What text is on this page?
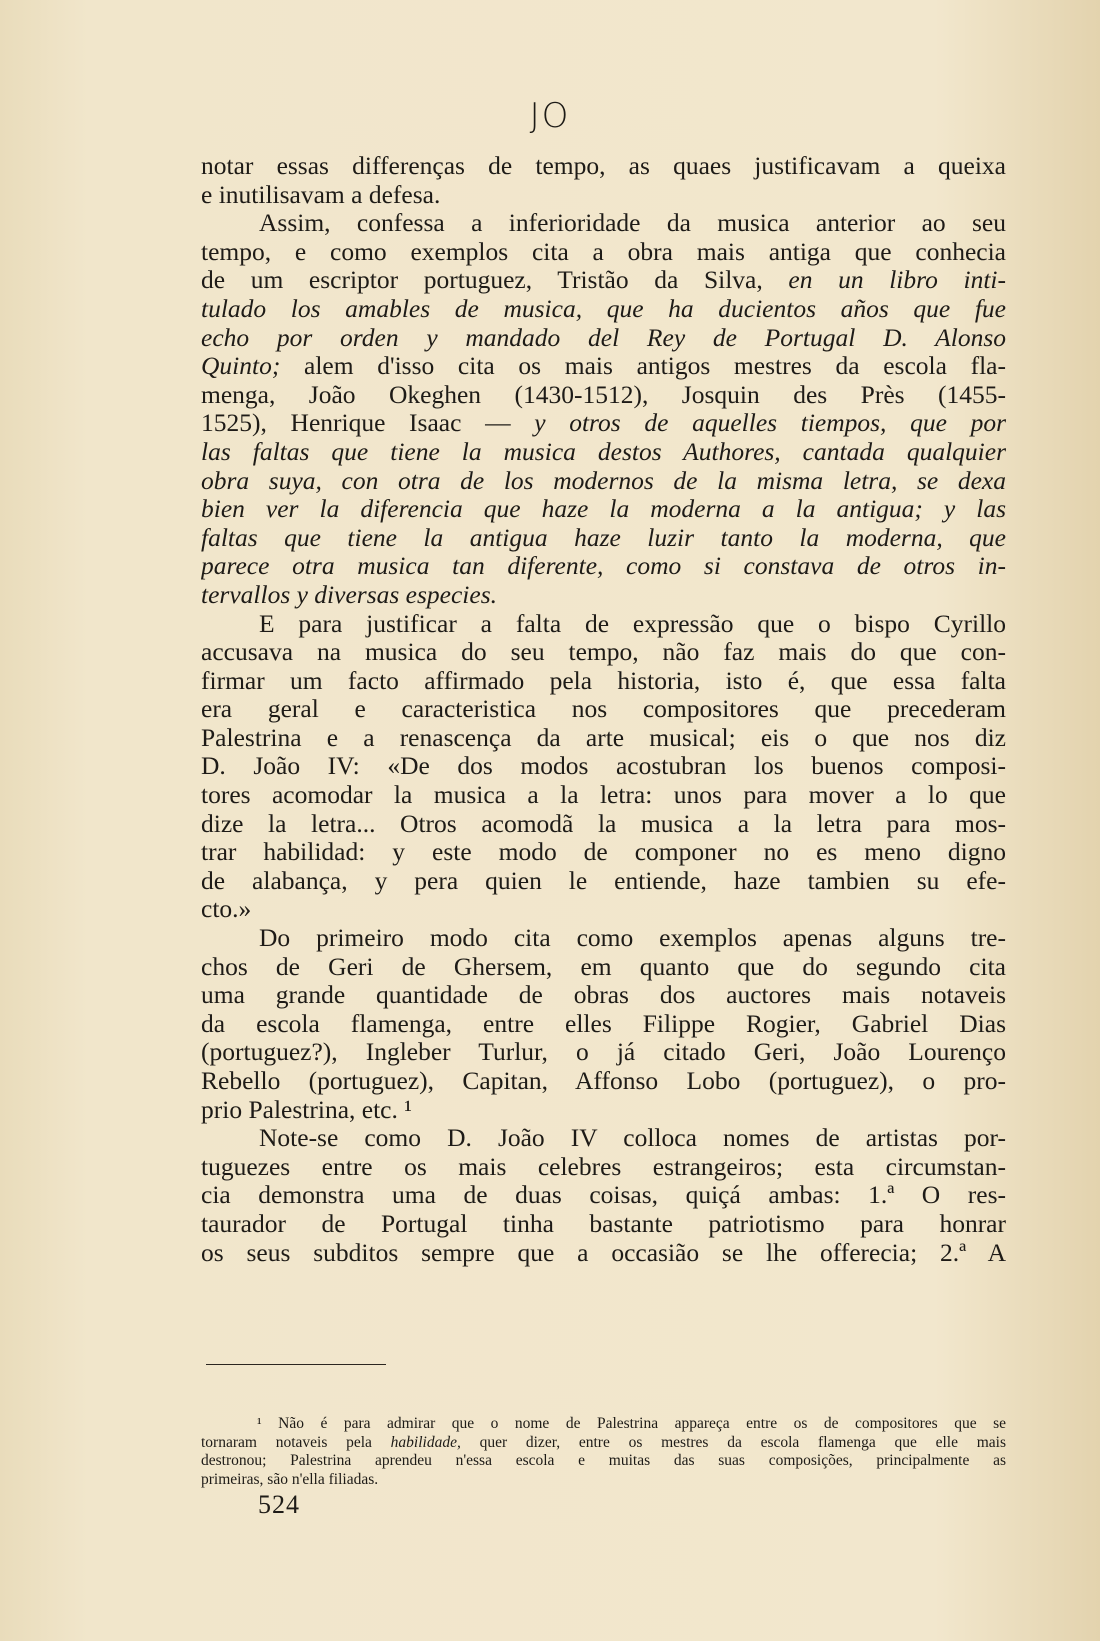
JO
notar essas differenças de tempo, as quaes justificavam a queixa
e inutilisavam a defesa.
Assim, confessa a inferioridade da musica anterior ao seu
tempo, e como exemplos cita a obra mais antiga que conhecia
de um escriptor portuguez, Tristão da Silva, en un libro inti-
tulado los amables de musica, que ha ducientos años que fue
echo por orden y mandado del Rey de Portugal D. Alonso
Quinto; alem d'isso cita os mais antigos mestres da escola fla-
menga, João Okeghen (1430-1512), Josquin des Près (1455-
1525), Henrique Isaac — y otros de aquelles tiempos, que por
las faltas que tiene la musica destos Authores, cantada qualquier
obra suya, con otra de los modernos de la misma letra, se dexa
bien ver la diferencia que haze la moderna a la antigua; y las
faltas que tiene la antigua haze luzir tanto la moderna, que
parece otra musica tan diferente, como si constava de otros in-
tervallos y diversas especies.
E para justificar a falta de expressão que o bispo Cyrillo
accusava na musica do seu tempo, não faz mais do que con-
firmar um facto affirmado pela historia, isto é, que essa falta
era geral e caracteristica nos compositores que precederam
Palestrina e a renascença da arte musical; eis o que nos diz
D. João IV: «De dos modos acostubran los buenos composi-
tores acomodar la musica a la letra: unos para mover a lo que
dize la letra... Otros acomodã la musica a la letra para mos-
trar habilidad: y este modo de componer no es meno digno
de alabança, y pera quien le entiende, haze tambien su efe-
cto.»
Do primeiro modo cita como exemplos apenas alguns tre-
chos de Geri de Ghersem, em quanto que do segundo cita
uma grande quantidade de obras dos auctores mais notaveis
da escola flamenga, entre elles Filippe Rogier, Gabriel Dias
(portuguez?), Ingleber Turlur, o já citado Geri, João Lourenço
Rebello (portuguez), Capitan, Affonso Lobo (portuguez), o pro-
prio Palestrina, etc. ¹
Note-se como D. João IV colloca nomes de artistas por-
tuguezes entre os mais celebres estrangeiros; esta circumstan-
cia demonstra uma de duas coisas, quiçá ambas: 1.ª O res-
taurador de Portugal tinha bastante patriotismo para honrar
os seus subditos sempre que a occasião se lhe offerecia; 2.ª A
¹ Não é para admirar que o nome de Palestrina appareça entre os de compositores que se
tornaram notaveis pela habilidade, quer dizer, entre os mestres da escola flamenga que elle mais
destronou; Palestrina aprendeu n'essa escola e muitas das suas composições, principalmente as
primeiras, são n'ella filiadas.
524
